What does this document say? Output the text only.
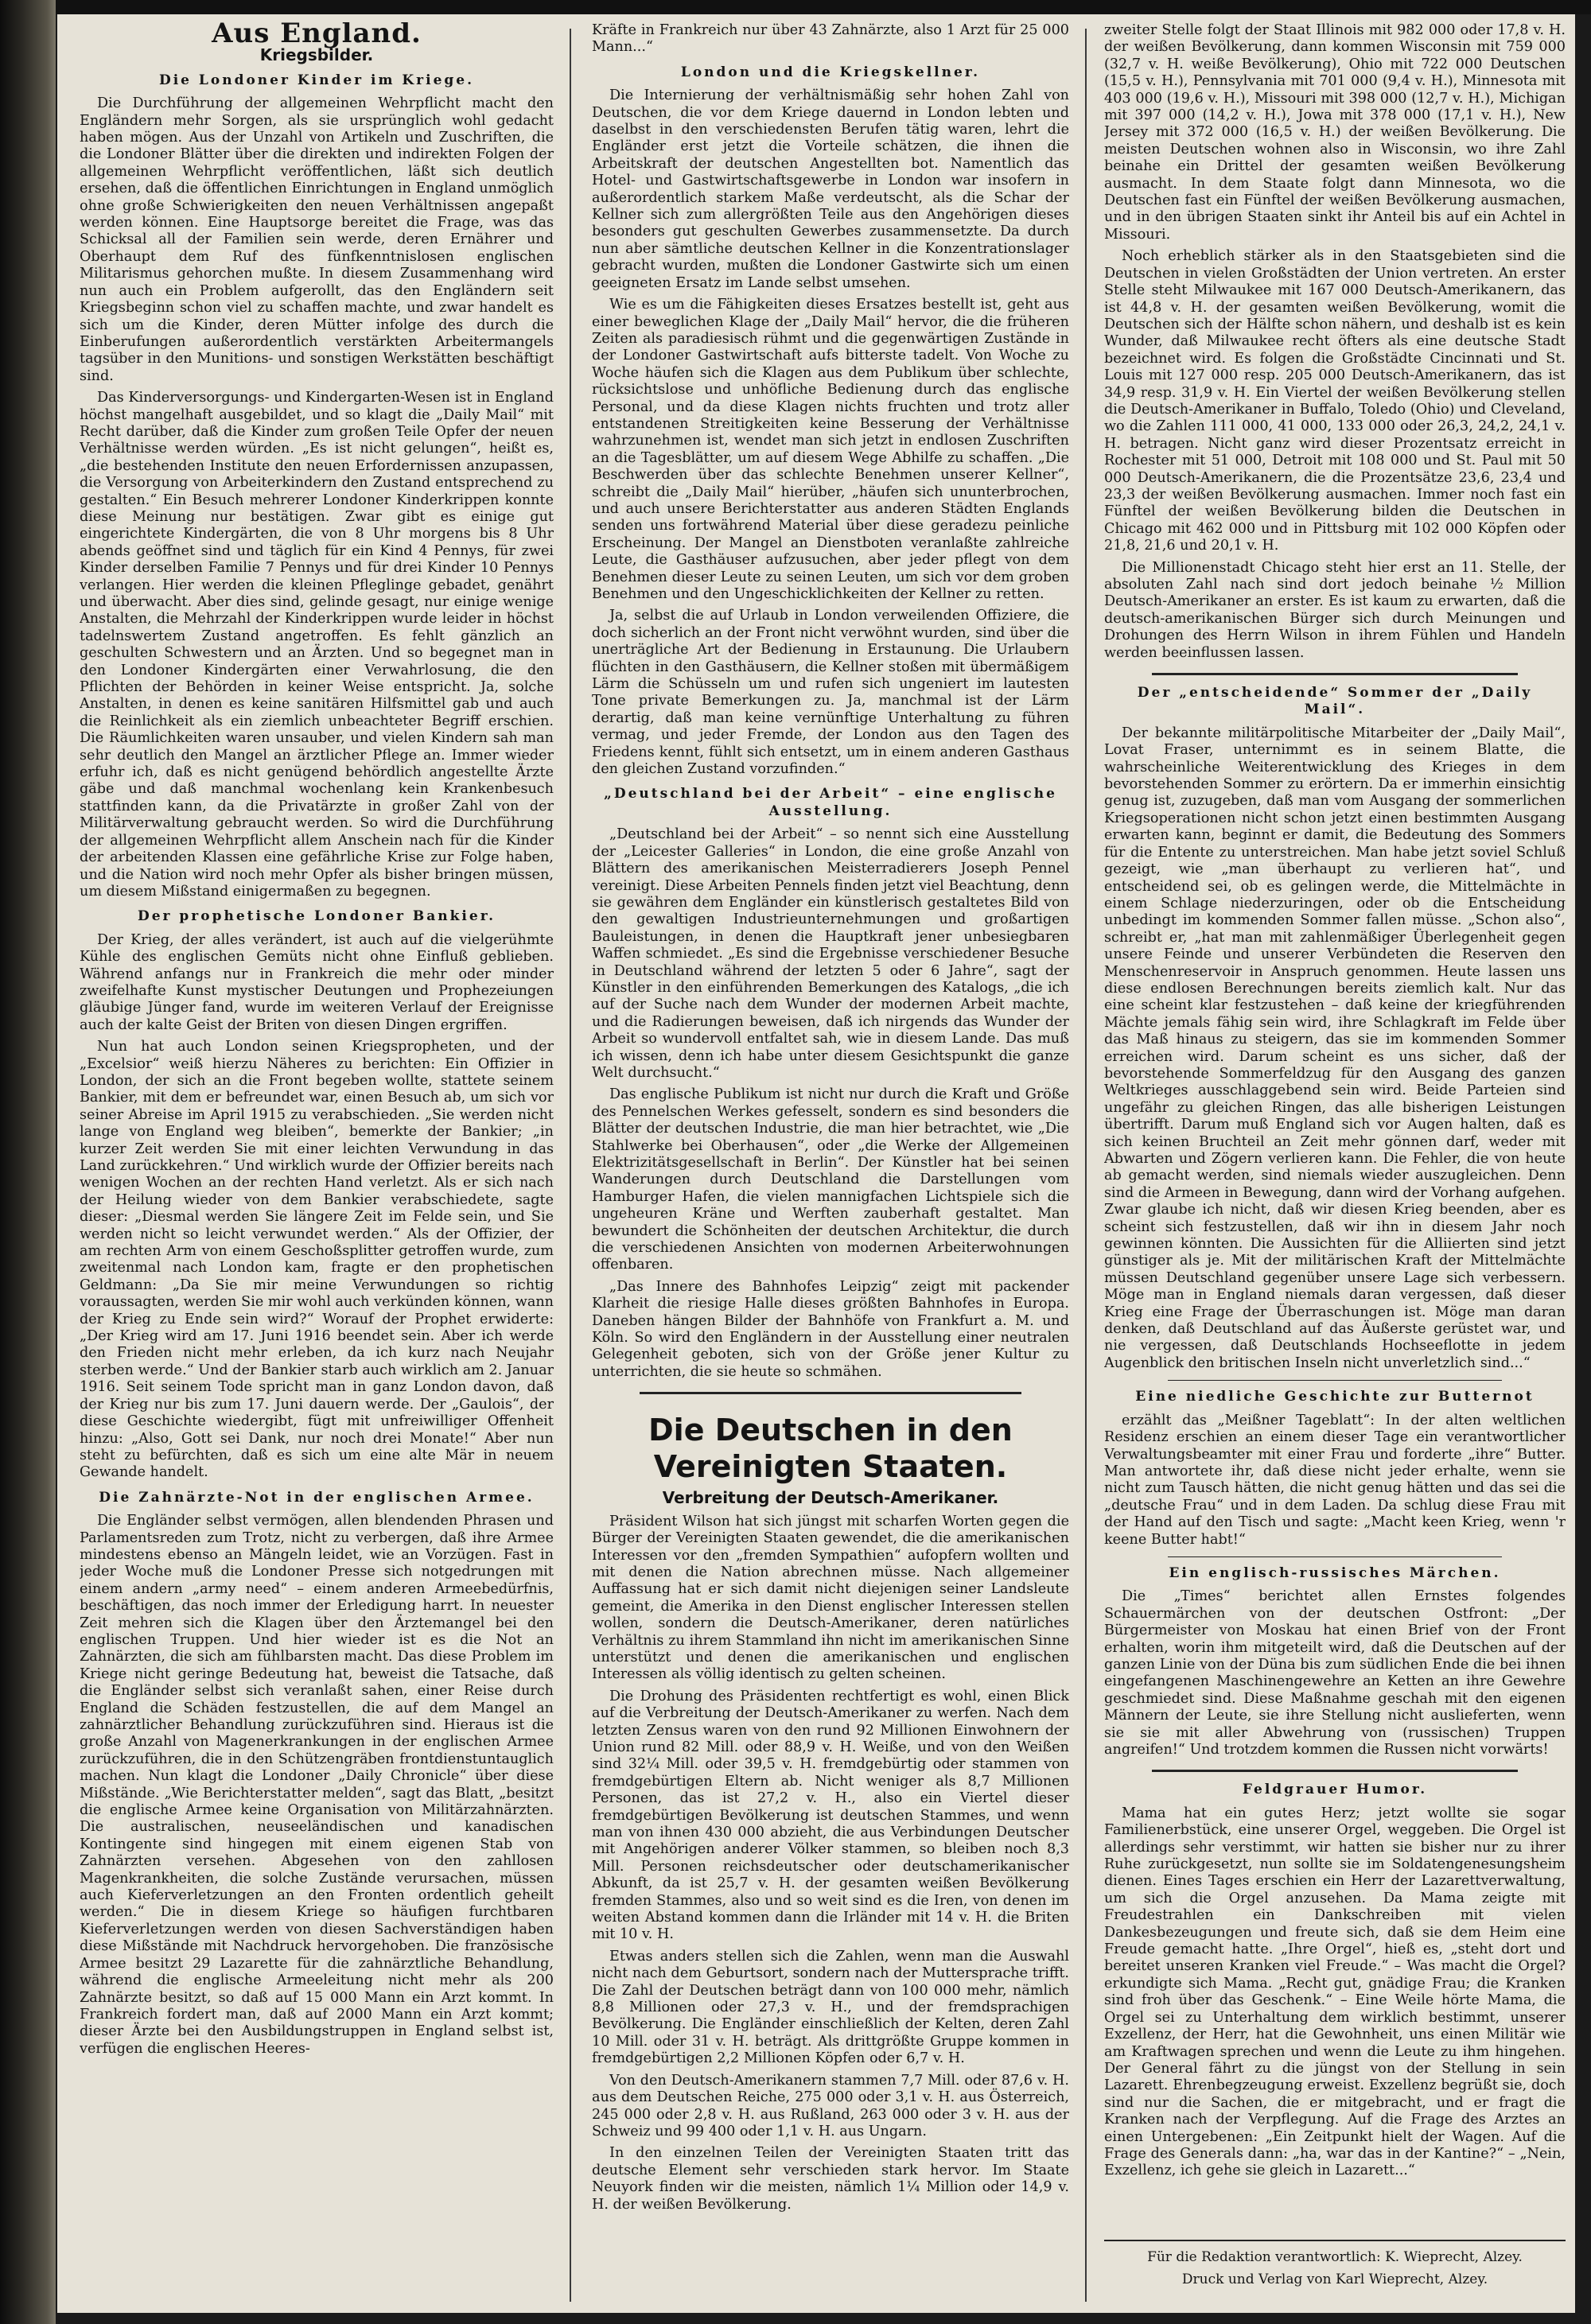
Aus England.
Kriegsbilder.
Die Londoner Kinder im Kriege.

Die Durchführung der allgemeinen Wehrpflicht macht den Engländern mehr Sorgen, als sie ursprünglich wohl gedacht haben mögen. Aus der Unzahl von Artikeln und Zuschriften, die die Londoner Blätter über die direkten und indirekten Folgen der allgemeinen Wehrpflicht veröffentlichen, läßt sich deutlich ersehen, daß die öffentlichen Einrichtungen in England unmöglich ohne große Schwierigkeiten den neuen Verhältnissen angepaßt werden können. Eine Hauptsorge bereitet die Frage, was das Schicksal all der Familien sein werde, deren Ernährer und Oberhaupt dem Ruf des fünfkenntnislosen englischen Militarismus gehorchen mußte. In diesem Zusammenhang wird nun auch ein Problem aufgerollt, das den Engländern seit Kriegsbeginn schon viel zu schaffen machte, und zwar handelt es sich um die Kinder, deren Mütter infolge des durch die Einberufungen außerordentlich verstärkten Arbeitermangels tagsüber in den Munitions- und sonstigen Werkstätten beschäftigt sind.

Das Kinderversorgungs- und Kindergarten-Wesen ist in England höchst mangelhaft ausgebildet, und so klagt die „Daily Mail“ mit Recht darüber, daß die Kinder zum großen Teile Opfer der neuen Verhältnisse werden würden. „Es ist nicht gelungen“, heißt es, „die bestehenden Institute den neuen Erfordernissen anzupassen, die Versorgung von Arbeiterkindern den Zustand entsprechend zu gestalten.“ Ein Besuch mehrerer Londoner Kinderkrippen konnte diese Meinung nur bestätigen. Zwar gibt es einige gut eingerichtete Kindergärten, die von 8 Uhr morgens bis 8 Uhr abends geöffnet sind und täglich für ein Kind 4 Pennys, für zwei Kinder derselben Familie 7 Pennys und für drei Kinder 10 Pennys verlangen. Hier werden die kleinen Pfleglinge gebadet, genährt und überwacht. Aber dies sind, gelinde gesagt, nur einige wenige Anstalten, die Mehrzahl der Kinderkrippen wurde leider in höchst tadelnswertem Zustand angetroffen. Es fehlt gänzlich an geschulten Schwestern und an Ärzten. Und so begegnet man in den Londoner Kindergärten einer Verwahrlosung, die den Pflichten der Behörden in keiner Weise entspricht. Ja, solche Anstalten, in denen es keine sanitären Hilfsmittel gab und auch die Reinlichkeit als ein ziemlich unbeachteter Begriff erschien. Die Räumlichkeiten waren unsauber, und vielen Kindern sah man sehr deutlich den Mangel an ärztlicher Pflege an. Immer wieder erfuhr ich, daß es nicht genügend behördlich angestellte Ärzte gäbe und daß manchmal wochenlang kein Krankenbesuch stattfinden kann, da die Privatärzte in großer Zahl von der Militärverwaltung gebraucht werden. So wird die Durchführung der allgemeinen Wehrpflicht allem Anschein nach für die Kinder der arbeitenden Klassen eine gefährliche Krise zur Folge haben, und die Nation wird noch mehr Opfer als bisher bringen müssen, um diesem Mißstand einigermaßen zu begegnen.

Der prophetische Londoner Bankier.

Der Krieg, der alles verändert, ist auch auf die vielgerühmte Kühle des englischen Gemüts nicht ohne Einfluß geblieben. Während anfangs nur in Frankreich die mehr oder minder zweifelhafte Kunst mystischer Deutungen und Prophezeiungen gläubige Jünger fand, wurde im weiteren Verlauf der Ereignisse auch der kalte Geist der Briten von diesen Dingen ergriffen.

Nun hat auch London seinen Kriegspropheten, und der „Excelsior“ weiß hierzu Näheres zu berichten: Ein Offizier in London, der sich an die Front begeben wollte, stattete seinem Bankier, mit dem er befreundet war, einen Besuch ab, um sich vor seiner Abreise im April 1915 zu verabschieden. „Sie werden nicht lange von England weg bleiben“, bemerkte der Bankier; „in kurzer Zeit werden Sie mit einer leichten Verwundung in das Land zurückkehren.“ Und wirklich wurde der Offizier bereits nach wenigen Wochen an der rechten Hand verletzt. Als er sich nach der Heilung wieder von dem Bankier verabschiedete, sagte dieser: „Diesmal werden Sie längere Zeit im Felde sein, und Sie werden nicht so leicht verwundet werden.“ Als der Offizier, der am rechten Arm von einem Geschoßsplitter getroffen wurde, zum zweitenmal nach London kam, fragte er den prophetischen Geldmann: „Da Sie mir meine Verwundungen so richtig voraussagten, werden Sie mir wohl auch verkünden können, wann der Krieg zu Ende sein wird?“ Worauf der Prophet erwiderte: „Der Krieg wird am 17. Juni 1916 beendet sein. Aber ich werde den Frieden nicht mehr erleben, da ich kurz nach Neujahr sterben werde.“ Und der Bankier starb auch wirklich am 2. Januar 1916. Seit seinem Tode spricht man in ganz London davon, daß der Krieg nur bis zum 17. Juni dauern werde. Der „Gaulois“, der diese Geschichte wiedergibt, fügt mit unfreiwilliger Offenheit hinzu: „Also, Gott sei Dank, nur noch drei Monate!“ Aber nun steht zu befürchten, daß es sich um eine alte Mär in neuem Gewande handelt.

Die Zahnärzte-Not in der englischen Armee.

Die Engländer selbst vermögen, allen blendenden Phrasen und Parlamentsreden zum Trotz, nicht zu verbergen, daß ihre Armee mindestens ebenso an Mängeln leidet, wie an Vorzügen. Fast in jeder Woche muß die Londoner Presse sich notgedrungen mit einem andern „army need“ – einem anderen Armeebedürfnis, beschäftigen, das noch immer der Erledigung harrt. In neuester Zeit mehren sich die Klagen über den Ärztemangel bei den englischen Truppen. Und hier wieder ist es die Not an Zahnärzten, die sich am fühlbarsten macht. Das diese Problem im Kriege nicht geringe Bedeutung hat, beweist die Tatsache, daß die Engländer selbst sich veranlaßt sahen, einer Reise durch England die Schäden festzustellen, die auf dem Mangel an zahnärztlicher Behandlung zurückzuführen sind. Hieraus ist die große Anzahl von Magenerkrankungen in der englischen Armee zurückzuführen, die in den Schützengräben frontdienstuntauglich machen. Nun klagt die Londoner „Daily Chronicle“ über diese Mißstände. „Wie Berichterstatter melden“, sagt das Blatt, „besitzt die englische Armee keine Organisation von Militärzahnärzten. Die australischen, neuseeländischen und kanadischen Kontingente sind hingegen mit einem eigenen Stab von Zahnärzten versehen. Abgesehen von den zahllosen Magenkrankheiten, die solche Zustände verursachen, müssen auch Kieferverletzungen an den Fronten ordentlich geheilt werden.“ Die in diesem Kriege so häufigen furchtbaren Kieferverletzungen werden von diesen Sachverständigen haben diese Mißstände mit Nachdruck hervorgehoben. Die französische Armee besitzt 29 Lazarette für die zahnärztliche Behandlung, während die englische Armeeleitung nicht mehr als 200 Zahnärzte besitzt, so daß auf 15 000 Mann ein Arzt kommt. In Frankreich fordert man, daß auf 2000 Mann ein Arzt kommt; dieser Ärzte bei den Ausbildungstruppen in England selbst ist, verfügen die englischen Heeres-

Kräfte in Frankreich nur über 43 Zahnärzte, also 1 Arzt für 25 000 Mann...“

London und die Kriegskellner.

Die Internierung der verhältnismäßig sehr hohen Zahl von Deutschen, die vor dem Kriege dauernd in London lebten und daselbst in den verschiedensten Berufen tätig waren, lehrt die Engländer erst jetzt die Vorteile schätzen, die ihnen die Arbeitskraft der deutschen Angestellten bot. Namentlich das Hotel- und Gastwirtschaftsgewerbe in London war insofern in außerordentlich starkem Maße verdeutscht, als die Schar der Kellner sich zum allergrößten Teile aus den Angehörigen dieses besonders gut geschulten Gewerbes zusammensetzte. Da durch nun aber sämtliche deutschen Kellner in die Konzentrationslager gebracht wurden, mußten die Londoner Gastwirte sich um einen geeigneten Ersatz im Lande selbst umsehen.

Wie es um die Fähigkeiten dieses Ersatzes bestellt ist, geht aus einer beweglichen Klage der „Daily Mail“ hervor, die die früheren Zeiten als paradiesisch rühmt und die gegenwärtigen Zustände in der Londoner Gastwirtschaft aufs bitterste tadelt. Von Woche zu Woche häufen sich die Klagen aus dem Publikum über schlechte, rücksichtslose und unhöfliche Bedienung durch das englische Personal, und da diese Klagen nichts fruchten und trotz aller entstandenen Streitigkeiten keine Besserung der Verhältnisse wahrzunehmen ist, wendet man sich jetzt in endlosen Zuschriften an die Tagesblätter, um auf diesem Wege Abhilfe zu schaffen. „Die Beschwerden über das schlechte Benehmen unserer Kellner“, schreibt die „Daily Mail“ hierüber, „häufen sich ununterbrochen, und auch unsere Berichterstatter aus anderen Städten Englands senden uns fortwährend Material über diese geradezu peinliche Erscheinung. Der Mangel an Dienstboten veranlaßte zahlreiche Leute, die Gasthäuser aufzusuchen, aber jeder pflegt von dem Benehmen dieser Leute zu seinen Leuten, um sich vor dem groben Benehmen und den Ungeschicklichkeiten der Kellner zu retten.

Ja, selbst die auf Urlaub in London verweilenden Offiziere, die doch sicherlich an der Front nicht verwöhnt wurden, sind über die unerträgliche Art der Bedienung in Erstaunung. Die Urlaubern flüchten in den Gasthäusern, die Kellner stoßen mit übermäßigem Lärm die Schüsseln um und rufen sich ungeniert im lautesten Tone private Bemerkungen zu. Ja, manchmal ist der Lärm derartig, daß man keine vernünftige Unterhaltung zu führen vermag, und jeder Fremde, der London aus den Tagen des Friedens kennt, fühlt sich entsetzt, um in einem anderen Gasthaus den gleichen Zustand vorzufinden.“

„Deutschland bei der Arbeit“ – eine englische Ausstellung.

„Deutschland bei der Arbeit“ – so nennt sich eine Ausstellung der „Leicester Galleries“ in London, die eine große Anzahl von Blättern des amerikanischen Meisterradierers Joseph Pennel vereinigt. Diese Arbeiten Pennels finden jetzt viel Beachtung, denn sie gewähren dem Engländer ein künstlerisch gestaltetes Bild von den gewaltigen Industrieunternehmungen und großartigen Bauleistungen, in denen die Hauptkraft jener unbesiegbaren Waffen schmiedet. „Es sind die Ergebnisse verschiedener Besuche in Deutschland während der letzten 5 oder 6 Jahre“, sagt der Künstler in den einführenden Bemerkungen des Katalogs, „die ich auf der Suche nach dem Wunder der modernen Arbeit machte, und die Radierungen beweisen, daß ich nirgends das Wunder der Arbeit so wundervoll entfaltet sah, wie in diesem Lande. Das muß ich wissen, denn ich habe unter diesem Gesichtspunkt die ganze Welt durchsucht.“

Das englische Publikum ist nicht nur durch die Kraft und Größe des Pennelschen Werkes gefesselt, sondern es sind besonders die Blätter der deutschen Industrie, die man hier betrachtet, wie „Die Stahlwerke bei Oberhausen“, oder „die Werke der Allgemeinen Elektrizitätsgesellschaft in Berlin“. Der Künstler hat bei seinen Wanderungen durch Deutschland die Darstellungen vom Hamburger Hafen, die vielen mannigfachen Lichtspiele sich die ungeheuren Kräne und Werften zauberhaft gestaltet. Man bewundert die Schönheiten der deutschen Architektur, die durch die verschiedenen Ansichten von modernen Arbeiterwohnungen offenbaren.

„Das Innere des Bahnhofes Leipzig“ zeigt mit packender Klarheit die riesige Halle dieses größten Bahnhofes in Europa. Daneben hängen Bilder der Bahnhöfe von Frankfurt a. M. und Köln. So wird den Engländern in der Ausstellung einer neutralen Gelegenheit geboten, sich von der Größe jener Kultur zu unterrichten, die sie heute so schmähen.

Die Deutschen in den Vereinigten Staaten.
Verbreitung der Deutsch-Amerikaner.

Präsident Wilson hat sich jüngst mit scharfen Worten gegen die Bürger der Vereinigten Staaten gewendet, die die amerikanischen Interessen vor den „fremden Sympathien“ aufopfern wollten und mit denen die Nation abrechnen müsse. Nach allgemeiner Auffassung hat er sich damit nicht diejenigen seiner Landsleute gemeint, die Amerika in den Dienst englischer Interessen stellen wollen, sondern die Deutsch-Amerikaner, deren natürliches Verhältnis zu ihrem Stammland ihn nicht im amerikanischen Sinne unterstützt und denen die amerikanischen und englischen Interessen als völlig identisch zu gelten scheinen.

Die Drohung des Präsidenten rechtfertigt es wohl, einen Blick auf die Verbreitung der Deutsch-Amerikaner zu werfen. Nach dem letzten Zensus waren von den rund 92 Millionen Einwohnern der Union rund 82 Mill. oder 88,9 v. H. Weiße, und von den Weißen sind 32¼ Mill. oder 39,5 v. H. fremdgebürtig oder stammen von fremdgebürtigen Eltern ab. Nicht weniger als 8,7 Millionen Personen, das ist 27,2 v. H., also ein Viertel dieser fremdgebürtigen Bevölkerung ist deutschen Stammes, und wenn man von ihnen 430 000 abzieht, die aus Verbindungen Deutscher mit Angehörigen anderer Völker stammen, so bleiben noch 8,3 Mill. Personen reichsdeutscher oder deutschamerikanischer Abkunft, da ist 25,7 v. H. der gesamten weißen Bevölkerung fremden Stammes, also und so weit sind es die Iren, von denen im weiten Abstand kommen dann die Irländer mit 14 v. H. die Briten mit 10 v. H.

Etwas anders stellen sich die Zahlen, wenn man die Auswahl nicht nach dem Geburtsort, sondern nach der Muttersprache trifft. Die Zahl der Deutschen beträgt dann von 100 000 mehr, nämlich 8,8 Millionen oder 27,3 v. H., und der fremdsprachigen Bevölkerung. Die Engländer einschließlich der Kelten, deren Zahl 10 Mill. oder 31 v. H. beträgt. Als drittgrößte Gruppe kommen in fremdgebürtigen 2,2 Millionen Köpfen oder 6,7 v. H.

Von den Deutsch-Amerikanern stammen 7,7 Mill. oder 87,6 v. H. aus dem Deutschen Reiche, 275 000 oder 3,1 v. H. aus Österreich, 245 000 oder 2,8 v. H. aus Rußland, 263 000 oder 3 v. H. aus der Schweiz und 99 400 oder 1,1 v. H. aus Ungarn.

In den einzelnen Teilen der Vereinigten Staaten tritt das deutsche Element sehr verschieden stark hervor. Im Staate Neuyork finden wir die meisten, nämlich 1¼ Million oder 14,9 v. H. der weißen Bevölkerung.

zweiter Stelle folgt der Staat Illinois mit 982 000 oder 17,8 v. H. der weißen Bevölkerung, dann kommen Wisconsin mit 759 000 (32,7 v. H. weiße Bevölkerung), Ohio mit 722 000 Deutschen (15,5 v. H.), Pennsylvania mit 701 000 (9,4 v. H.), Minnesota mit 403 000 (19,6 v. H.), Missouri mit 398 000 (12,7 v. H.), Michigan mit 397 000 (14,2 v. H.), Jowa mit 378 000 (17,1 v. H.), New Jersey mit 372 000 (16,5 v. H.) der weißen Bevölkerung. Die meisten Deutschen wohnen also in Wisconsin, wo ihre Zahl beinahe ein Drittel der gesamten weißen Bevölkerung ausmacht. In dem Staate folgt dann Minnesota, wo die Deutschen fast ein Fünftel der weißen Bevölkerung ausmachen, und in den übrigen Staaten sinkt ihr Anteil bis auf ein Achtel in Missouri.

Noch erheblich stärker als in den Staatsgebieten sind die Deutschen in vielen Großstädten der Union vertreten. An erster Stelle steht Milwaukee mit 167 000 Deutsch-Amerikanern, das ist 44,8 v. H. der gesamten weißen Bevölkerung, womit die Deutschen sich der Hälfte schon nähern, und deshalb ist es kein Wunder, daß Milwaukee recht öfters als eine deutsche Stadt bezeichnet wird. Es folgen die Großstädte Cincinnati und St. Louis mit 127 000 resp. 205 000 Deutsch-Amerikanern, das ist 34,9 resp. 31,9 v. H. Ein Viertel der weißen Bevölkerung stellen die Deutsch-Amerikaner in Buffalo, Toledo (Ohio) und Cleveland, wo die Zahlen 111 000, 41 000, 133 000 oder 26,3, 24,2, 24,1 v. H. betragen. Nicht ganz wird dieser Prozentsatz erreicht in Rochester mit 51 000, Detroit mit 108 000 und St. Paul mit 50 000 Deutsch-Amerikanern, die die Prozentsätze 23,6, 23,4 und 23,3 der weißen Bevölkerung ausmachen. Immer noch fast ein Fünftel der weißen Bevölkerung bilden die Deutschen in Chicago mit 462 000 und in Pittsburg mit 102 000 Köpfen oder 21,8, 21,6 und 20,1 v. H.

Die Millionenstadt Chicago steht hier erst an 11. Stelle, der absoluten Zahl nach sind dort jedoch beinahe ½ Million Deutsch-Amerikaner an erster. Es ist kaum zu erwarten, daß die deutsch-amerikanischen Bürger sich durch Meinungen und Drohungen des Herrn Wilson in ihrem Fühlen und Handeln werden beeinflussen lassen.

Der „entscheidende“ Sommer der „Daily Mail“.

Der bekannte militärpolitische Mitarbeiter der „Daily Mail“, Lovat Fraser, unternimmt es in seinem Blatte, die wahrscheinliche Weiterentwicklung des Krieges in dem bevorstehenden Sommer zu erörtern. Da er immerhin einsichtig genug ist, zuzugeben, daß man vom Ausgang der sommerlichen Kriegsoperationen nicht schon jetzt einen bestimmten Ausgang erwarten kann, beginnt er damit, die Bedeutung des Sommers für die Entente zu unterstreichen. Man habe jetzt soviel Schluß gezeigt, wie „man überhaupt zu verlieren hat“, und entscheidend sei, ob es gelingen werde, die Mittelmächte in einem Schlage niederzuringen, oder ob die Entscheidung unbedingt im kommenden Sommer fallen müsse. „Schon also“, schreibt er, „hat man mit zahlenmäßiger Überlegenheit gegen unsere Feinde und unserer Verbündeten die Reserven den Menschenreservoir in Anspruch genommen. Heute lassen uns diese endlosen Berechnungen bereits ziemlich kalt. Nur das eine scheint klar festzustehen – daß keine der kriegführenden Mächte jemals fähig sein wird, ihre Schlagkraft im Felde über das Maß hinaus zu steigern, das sie im kommenden Sommer erreichen wird. Darum scheint es uns sicher, daß der bevorstehende Sommerfeldzug für den Ausgang des ganzen Weltkrieges ausschlaggebend sein wird. Beide Parteien sind ungefähr zu gleichen Ringen, das alle bisherigen Leistungen übertrifft. Darum muß England sich vor Augen halten, daß es sich keinen Bruchteil an Zeit mehr gönnen darf, weder mit Abwarten und Zögern verlieren kann. Die Fehler, die von heute ab gemacht werden, sind niemals wieder auszugleichen. Denn sind die Armeen in Bewegung, dann wird der Vorhang aufgehen. Zwar glaube ich nicht, daß wir diesen Krieg beenden, aber es scheint sich festzustellen, daß wir ihn in diesem Jahr noch gewinnen könnten. Die Aussichten für die Alliierten sind jetzt günstiger als je. Mit der militärischen Kraft der Mittelmächte müssen Deutschland gegenüber unsere Lage sich verbessern. Möge man in England niemals daran vergessen, daß dieser Krieg eine Frage der Überraschungen ist. Möge man daran denken, daß Deutschland auf das Äußerste gerüstet war, und nie vergessen, daß Deutschlands Hochseeflotte in jedem Augenblick den britischen Inseln nicht unverletzlich sind...“

Eine niedliche Geschichte zur Butternot

erzählt das „Meißner Tageblatt“: In der alten weltlichen Residenz erschien an einem dieser Tage ein verantwortlicher Verwaltungsbeamter mit einer Frau und forderte „ihre“ Butter. Man antwortete ihr, daß diese nicht jeder erhalte, wenn sie nicht zum Tausch hätten, die nicht genug hätten und das sei die „deutsche Frau“ und in dem Laden. Da schlug diese Frau mit der Hand auf den Tisch und sagte: „Macht keen Krieg, wenn 'r keene Butter habt!“

Ein englisch-russisches Märchen.

Die „Times“ berichtet allen Ernstes folgendes Schauermärchen von der deutschen Ostfront: „Der Bürgermeister von Moskau hat einen Brief von der Front erhalten, worin ihm mitgeteilt wird, daß die Deutschen auf der ganzen Linie von der Düna bis zum südlichen Ende die bei ihnen eingefangenen Maschinengewehre an Ketten an ihre Gewehre geschmiedet sind. Diese Maßnahme geschah mit den eigenen Männern der Leute, sie ihre Stellung nicht auslieferten, wenn sie sie mit aller Abwehrung von (russischen) Truppen angreifen!“ Und trotzdem kommen die Russen nicht vorwärts!

Feldgrauer Humor.

Mama hat ein gutes Herz; jetzt wollte sie sogar Familienerbstück, eine unserer Orgel, weggeben. Die Orgel ist allerdings sehr verstimmt, wir hatten sie bisher nur zu ihrer Ruhe zurückgesetzt, nun sollte sie im Soldatengenesungsheim dienen. Eines Tages erschien ein Herr der Lazarettverwaltung, um sich die Orgel anzusehen. Da Mama zeigte mit Freudestrahlen ein Dankschreiben mit vielen Dankesbezeugungen und freute sich, daß sie dem Heim eine Freude gemacht hatte. „Ihre Orgel“, hieß es, „steht dort und bereitet unseren Kranken viel Freude.“ – Was macht die Orgel? erkundigte sich Mama. „Recht gut, gnädige Frau; die Kranken sind froh über das Geschenk.“ – Eine Weile hörte Mama, die Orgel sei zu Unterhaltung dem wirklich bestimmt, unserer Exzellenz, der Herr, hat die Gewohnheit, uns einen Militär wie am Kraftwagen sprechen und wenn die Leute zu ihm hingehen. Der General fährt zu die jüngst von der Stellung in sein Lazarett. Ehrenbegzeugung erweist. Exzellenz begrüßt sie, doch sind nur die Sachen, die er mitgebracht, und er fragt die Kranken nach der Verpflegung. Auf die Frage des Arztes an einen Untergebenen: „Ein Zeitpunkt hielt der Wagen. Auf die Frage des Generals dann: „ha, war das in der Kantine?“ – „Nein, Exzellenz, ich gehe sie gleich in Lazarett...“

Für die Redaktion verantwortlich: K. Wieprecht, Alzey.
Druck und Verlag von Karl Wieprecht, Alzey.
